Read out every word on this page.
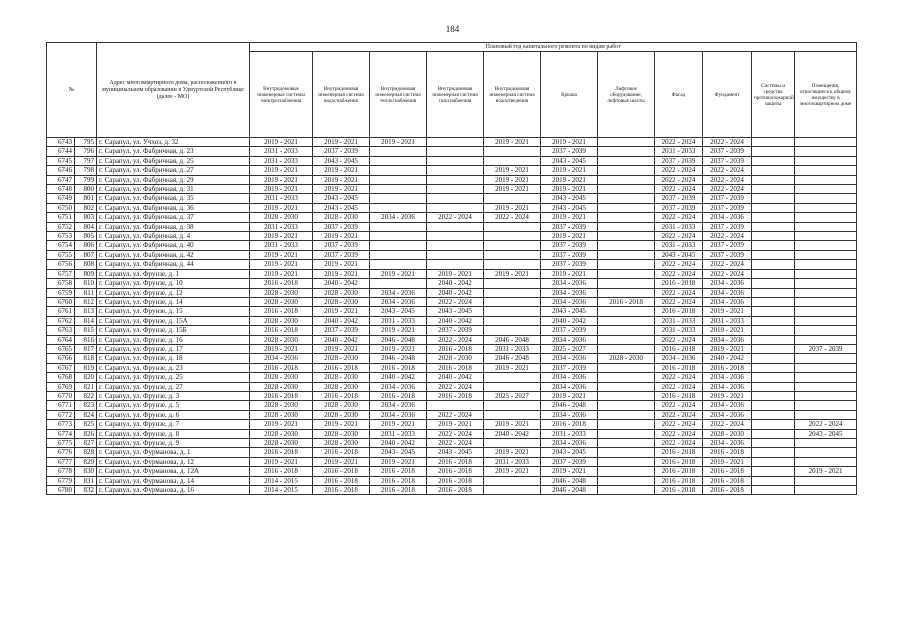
184
№		Адрес многоквартирного дома, расположенного в муниципальном образовании в Удмуртской Республике (далее - МО)	Плановый год капитального ремонта по видам работ										
			Внутридомовые инженерные системы электроснабжения	Внутридомовая инженерная система водоснабжения	Внутридомовая инженерная система теплоснабжения	Внутридомовая инженерная система газоснабжения	Внутридомовая инженерная система водоотведения	Крыша	Лифтовое оборудование, лифтовые шахты	Фасад	Фундамент	Системы и средства противопожарной защиты	Помещения, относящиеся к общему имуществу в многоквартирном доме
6743	795	г. Сарапул, ул. Учхоз, д. 32	2019 - 2021	2019 - 2021	2019 - 2021		2019 - 2021	2019 - 2021		2022 - 2024	2022 - 2024		
6744	796	г. Сарапул, ул. Фабричная, д. 23	2031 - 2033	2037 - 2039				2037 - 2039		2031 - 2033	2037 - 2039		
6745	797	г. Сарапул, ул. Фабричная, д. 25	2031 - 2033	2043 - 2045				2043 - 2045		2037 - 2039	2037 - 2039		
6746	798	г. Сарапул, ул. Фабричная, д. 27	2019 - 2021	2019 - 2021			2019 - 2021	2019 - 2021		2022 - 2024	2022 - 2024		
6747	799	г. Сарапул, ул. Фабричная, д. 29	2019 - 2021	2019 - 2021			2019 - 2021	2019 - 2021		2022 - 2024	2022 - 2024		
6748	800	г. Сарапул, ул. Фабричная, д. 31	2019 - 2021	2019 - 2021			2019 - 2021	2019 - 2021		2022 - 2024	2022 - 2024		
6749	801	г. Сарапул, ул. Фабричная, д. 35	2031 - 2033	2043 - 2045				2043 - 2045		2037 - 2039	2037 - 2039		
6750	802	г. Сарапул, ул. Фабричная, д. 36	2019 - 2021	2043 - 2045			2019 - 2021	2043 - 2045		2037 - 2039	2037 - 2039		
6751	803	г. Сарапул, ул. Фабричная, д. 37	2028 - 2030	2028 - 2030	2034 - 2036	2022 - 2024	2022 - 2024	2019 - 2021		2022 - 2024	2034 - 2036		
6752	804	г. Сарапул, ул. Фабричная, д. 38	2031 - 2033	2037 - 2039				2037 - 2039		2031 - 2033	2037 - 2039		
6753	805	г. Сарапул, ул. Фабричная, д. 4	2019 - 2021	2019 - 2021				2019 - 2021		2022 - 2024	2022 - 2024		
6754	806	г. Сарапул, ул. Фабричная, д. 40	2031 - 2033	2037 - 2039				2037 - 2039		2031 - 2033	2037 - 2039		
6755	807	г. Сарапул, ул. Фабричная, д. 42	2019 - 2021	2037 - 2039				2037 - 2039		2043 - 2045	2037 - 2039		
6756	808	г. Сарапул, ул. Фабричная, д. 44	2019 - 2021	2019 - 2021				2037 - 2039		2022 - 2024	2022 - 2024		
6757	809	г. Сарапул, ул. Фрунзе, д. 1	2019 - 2021	2019 - 2021	2019 - 2021	2019 - 2021	2019 - 2021	2019 - 2021		2022 - 2024	2022 - 2024		
6758	810	г. Сарапул, ул. Фрунзе, д. 10	2016 - 2018	2040 - 2042		2040 - 2042		2034 - 2036		2016 - 2018	2034 - 2036		
6759	811	г. Сарапул, ул. Фрунзе, д. 12	2028 - 2030	2028 - 2030	2034 - 2036	2040 - 2042		2034 - 2036		2022 - 2024	2034 - 2036		
6760	812	г. Сарапул, ул. Фрунзе, д. 14	2028 - 2030	2028 - 2030	2034 - 2036	2022 - 2024		2034 - 2036	2016 - 2018	2022 - 2024	2034 - 2036		
6761	813	г. Сарапул, ул. Фрунзе, д. 15	2016 - 2018	2019 - 2021	2043 - 2045	2043 - 2045		2043 - 2045		2016 - 2018	2019 - 2021		
6762	814	г. Сарапул, ул. Фрунзе, д. 15А	2028 - 2030	2040 - 2042	2031 - 2033	2040 - 2042		2040 - 2042		2031 - 2033	2031 - 2033		
6763	815	г. Сарапул, ул. Фрунзе, д. 15Б	2016 - 2018	2037 - 2039	2019 - 2021	2037 - 2039		2037 - 2039		2031 - 2033	2019 - 2021		
6764	816	г. Сарапул, ул. Фрунзе, д. 16	2028 - 2030	2040 - 2042	2046 - 2048	2022 - 2024	2046 - 2048	2034 - 2036		2022 - 2024	2034 - 2036		
6765	817	г. Сарапул, ул. Фрунзе, д. 17	2019 - 2021	2019 - 2021	2019 - 2021	2016 - 2018	2031 - 2033	2025 - 2027		2016 - 2018	2019 - 2021		2037 - 2039
6766	818	г. Сарапул, ул. Фрунзе, д. 18	2034 - 2036	2028 - 2030	2046 - 2048	2028 - 2030	2046 - 2048	2034 - 2036	2028 - 2030	2034 - 2036	2040 - 2042		
6767	819	г. Сарапул, ул. Фрунзе, д. 23	2016 - 2018	2016 - 2018	2016 - 2018	2016 - 2018	2019 - 2021	2037 - 2039		2016 - 2018	2016 - 2018		
6768	820	г. Сарапул, ул. Фрунзе, д. 25	2028 - 2030	2028 - 2030	2040 - 2042	2040 - 2042		2034 - 2036		2022 - 2024	2034 - 2036		
6769	821	г. Сарапул, ул. Фрунзе, д. 27	2028 - 2030	2028 - 2030	2034 - 2036	2022 - 2024		2034 - 2036		2022 - 2024	2034 - 2036		
6770	822	г. Сарапул, ул. Фрунзе, д. 3	2016 - 2018	2016 - 2018	2016 - 2018	2016 - 2018	2025 - 2027	2019 - 2021		2016 - 2018	2019 - 2021		
6771	823	г. Сарапул, ул. Фрунзе, д. 5	2028 - 2030	2028 - 2030	2034 - 2036			2046 - 2048		2022 - 2024	2034 - 2036		
6772	824	г. Сарапул, ул. Фрунзе, д. 6	2028 - 2030	2028 - 2030	2034 - 2036	2022 - 2024		2034 - 2036		2022 - 2024	2034 - 2036		
6773	825	г. Сарапул, ул. Фрунзе, д. 7	2019 - 2021	2019 - 2021	2019 - 2021	2019 - 2021	2019 - 2021	2016 - 2018		2022 - 2024	2022 - 2024		2022 - 2024
6774	826	г. Сарапул, ул. Фрунзе, д. 8	2028 - 2030	2028 - 2030	2031 - 2033	2022 - 2024	2040 - 2042	2031 - 2033		2022 - 2024	2028 - 2030		2043 - 2045
6775	827	г. Сарапул, ул. Фрунзе, д. 9	2028 - 2030	2028 - 2030	2040 - 2042	2022 - 2024		2034 - 2036		2022 - 2024	2034 - 2036		
6776	828	г. Сарапул, ул. Фурманова, д. 1	2016 - 2018	2016 - 2018	2043 - 2045	2043 - 2045	2019 - 2021	2043 - 2045		2016 - 2018	2016 - 2018		
6777	829	г. Сарапул, ул. Фурманова, д. 12	2019 - 2021	2019 - 2021	2019 - 2021	2016 - 2018	2031 - 2033	2037 - 2039		2016 - 2018	2019 - 2021		
6778	830	г. Сарапул, ул. Фурманова, д. 12А	2016 - 2018	2016 - 2018	2016 - 2018	2016 - 2018	2019 - 2021	2019 - 2021		2016 - 2018	2016 - 2018		2019 - 2021
6779	831	г. Сарапул, ул. Фурманова, д. 14	2014 - 2015	2016 - 2018	2016 - 2018	2016 - 2018		2046 - 2048		2016 - 2018	2016 - 2018		
6780	832	г. Сарапул, ул. Фурманова, д. 16	2014 - 2015	2016 - 2018	2016 - 2018	2016 - 2018		2046 - 2048		2016 - 2018	2016 - 2018		
